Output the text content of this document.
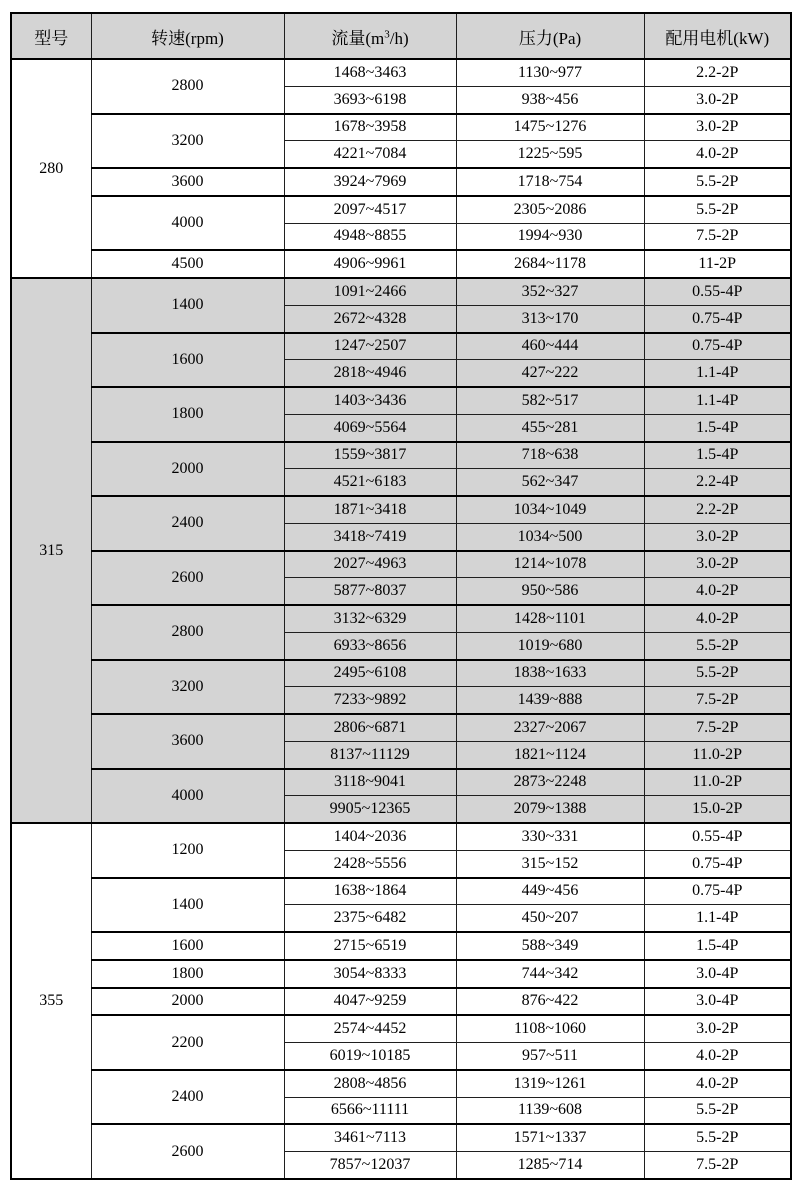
型号	转速(rpm)	流量$(m^3/h)$	压力(Pa)	配用电机(kW)
280	2800	1468~3463	1130~977	2.2-2P
		3693~6198	938~456	3.0-2P
	3200	1678~3958	1475~1276	3.0-2P
		4221~7084	1225~595	4.0-2P
	3600	3924~7969	1718~754	5.5-2P
	4000	2097~4517	2305~2086	5.5-2P
		4948~8855	1994~930	7.5-2P
	4500	4906~9961	2684~1178	11-2P
315	1400	1091~2466	352~327	0.55-4P
		2672~4328	313~170	0.75-4P
	1600	1247~2507	460~444	0.75-4P
		2818~4946	427~222	1.1-4P
	1800	1403~3436	582~517	1.1-4P
		4069~5564	455~281	1.5-4P
	2000	1559~3817	718~638	1.5-4P
		4521~6183	562~347	2.2-4P
	2400	1871~3418	1034~1049	2.2-2P
		3418~7419	1034~500	3.0-2P
	2600	2027~4963	1214~1078	3.0-2P
		5877~8037	950~586	4.0-2P
	2800	3132~6329	1428~1101	4.0-2P
		6933~8656	1019~680	5.5-2P
	3200	2495~6108	1838~1633	5.5-2P
		7233~9892	1439~888	7.5-2P
	3600	2806~6871	2327~2067	7.5-2P
		8137~11129	1821~1124	11.0-2P
	4000	3118~9041	2873~2248	11.0-2P
		9905~12365	2079~1388	15.0-2P
355	1200	1404~2036	330~331	0.55-4P
		2428~5556	315~152	0.75-4P
	1400	1638~1864	449~456	0.75-4P
		2375~6482	450~207	1.1-4P
	1600	2715~6519	588~349	1.5-4P
	1800	3054~8333	744~342	3.0-4P
	2000	4047~9259	876~422	3.0-4P
	2200	2574~4452	1108~1060	3.0-2P
		6019~10185	957~511	4.0-2P
	2400	2808~4856	1319~1261	4.0-2P
		6566~11111	1139~608	5.5-2P
	2600	3461~7113	1571~1337	5.5-2P
		7857~12037	1285~714	7.5-2P
